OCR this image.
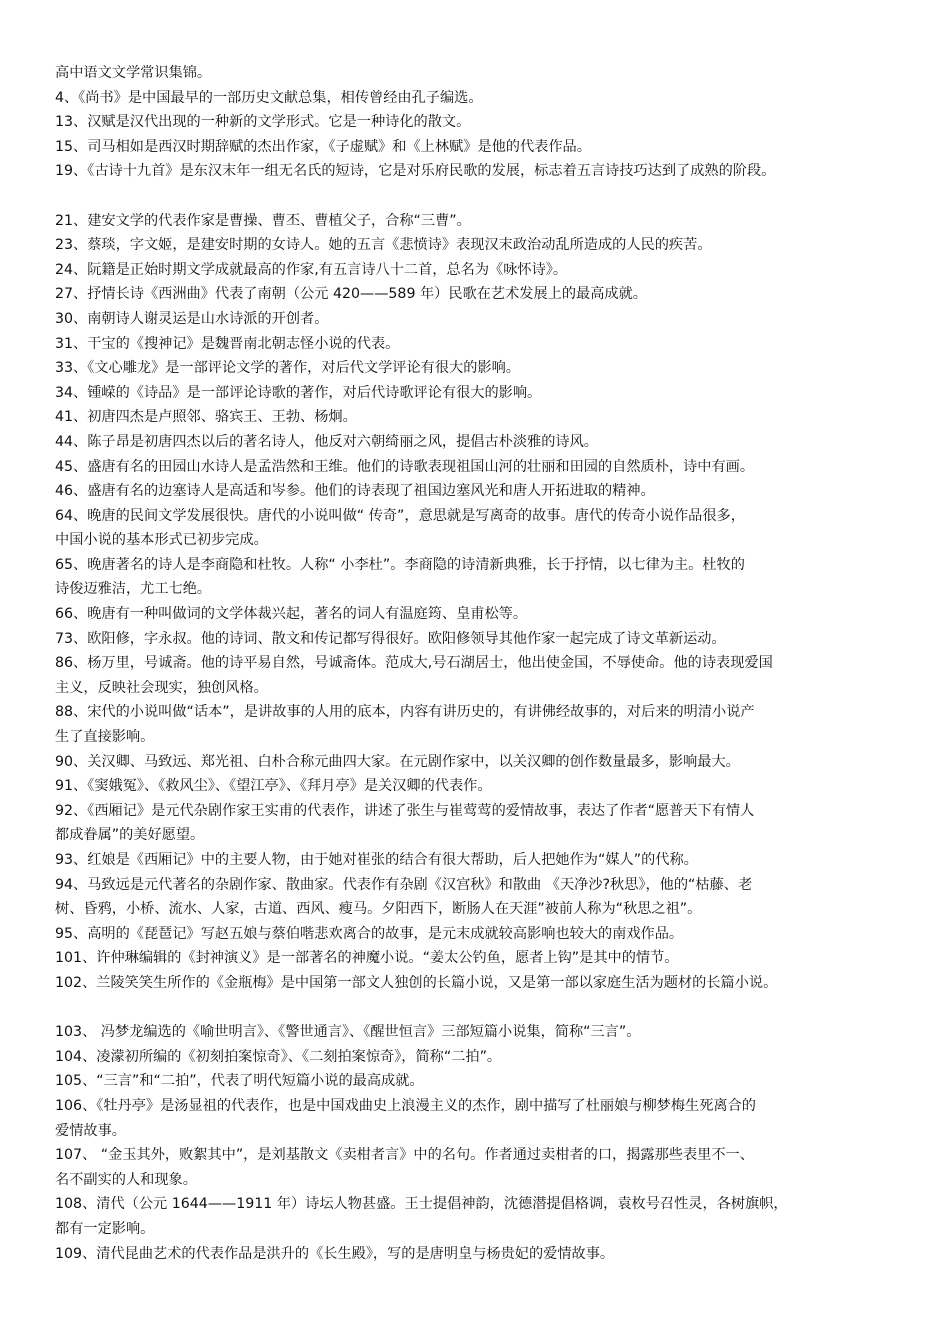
高中语文文学常识集锦。
4、《尚书》是中国最早的一部历史文献总集，相传曾经由孔子编选。
13、汉赋是汉代出现的一种新的文学形式。它是一种诗化的散文。
15、司马相如是西汉时期辞赋的杰出作家，《子虚赋》和《上林赋》是他的代表作品。
19、《古诗十九首》是东汉末年一组无名氏的短诗，它是对乐府民歌的发展，标志着五言诗技巧达到了成熟的阶段。
21、建安文学的代表作家是曹操、曹丕、曹植父子，合称“三曹”。
23、蔡琰，字文姬，是建安时期的女诗人。她的五言《悲愤诗》表现汉末政治动乱所造成的人民的疾苦。
24、阮籍是正始时期文学成就最高的作家,有五言诗八十二首，总名为《咏怀诗》。
27、抒情长诗《西洲曲》代表了南朝（公元 420——589 年）民歌在艺术发展上的最高成就。
30、南朝诗人谢灵运是山水诗派的开创者。
31、干宝的《搜神记》是魏晋南北朝志怪小说的代表。
33、《文心雕龙》是一部评论文学的著作，对后代文学评论有很大的影响。
34、锺嵘的《诗品》是一部评论诗歌的著作，对后代诗歌评论有很大的影响。
41、初唐四杰是卢照邻、骆宾王、王勃、杨炯。
44、陈子昂是初唐四杰以后的著名诗人，他反对六朝绮丽之风，提倡古朴淡雅的诗风。
45、盛唐有名的田园山水诗人是孟浩然和王维。他们的诗歌表现祖国山河的壮丽和田园的自然质朴，诗中有画。
46、盛唐有名的边塞诗人是高适和岑参。他们的诗表现了祖国边塞风光和唐人开拓进取的精神。
64、晚唐的民间文学发展很快。唐代的小说叫做“ 传奇”，意思就是写离奇的故事。唐代的传奇小说作品很多，
中国小说的基本形式已初步完成。
65、晚唐著名的诗人是李商隐和杜牧。人称“ 小李杜”。李商隐的诗清新典雅，长于抒情，以七律为主。杜牧的
诗俊迈雅洁，尤工七绝。
66、晚唐有一种叫做词的文学体裁兴起，著名的词人有温庭筠、皇甫松等。
73、欧阳修，字永叔。他的诗词、散文和传记都写得很好。欧阳修领导其他作家一起完成了诗文革新运动。
86、杨万里，号诚斋。他的诗平易自然，号诚斋体。范成大,号石湖居士，他出使金国，不辱使命。他的诗表现爱国
主义，反映社会现实，独创风格。
88、宋代的小说叫做“话本”，是讲故事的人用的底本，内容有讲历史的，有讲佛经故事的，对后来的明清小说产
生了直接影响。
90、关汉卿、马致远、郑光祖、白朴合称元曲四大家。在元剧作家中，以关汉卿的创作数量最多，影响最大。
91、《窦娥冤》、《救风尘》、《望江亭》、《拜月亭》是关汉卿的代表作。
92、《西厢记》是元代杂剧作家王实甫的代表作，讲述了张生与崔莺莺的爱情故事，表达了作者“愿普天下有情人
都成眷属”的美好愿望。
93、红娘是《西厢记》中的主要人物，由于她对崔张的结合有很大帮助，后人把她作为“媒人”的代称。
94、马致远是元代著名的杂剧作家、散曲家。代表作有杂剧《汉宫秋》和散曲 《天净沙?秋思》，他的“枯藤、老
树、昏鸦，小桥、流水、人家，古道、西风、瘦马。夕阳西下，断肠人在天涯”被前人称为“秋思之祖”。
95、高明的《琵琶记》写赵五娘与蔡伯喈悲欢离合的故事，是元末成就较高影响也较大的南戏作品。
101、许仲琳编辑的《封神演义》是一部著名的神魔小说。“姜太公钓鱼，愿者上钩”是其中的情节。
102、兰陵笑笑生所作的《金瓶梅》是中国第一部文人独创的长篇小说，又是第一部以家庭生活为题材的长篇小说。
103、 冯梦龙编选的《喻世明言》、《警世通言》、《醒世恒言》三部短篇小说集，简称“三言”。
104、凌濛初所编的《初刻拍案惊奇》、《二刻拍案惊奇》，简称“二拍”。
105、“三言”和“二拍”，代表了明代短篇小说的最高成就。
106、《牡丹亭》是汤显祖的代表作，也是中国戏曲史上浪漫主义的杰作，剧中描写了杜丽娘与柳梦梅生死离合的
爱情故事。
107、 “金玉其外，败絮其中”，是刘基散文《卖柑者言》中的名句。作者通过卖柑者的口，揭露那些表里不一、
名不副实的人和现象。
108、清代（公元 1644——1911 年）诗坛人物甚盛。王士提倡神韵，沈德潜提倡格调，袁枚号召性灵，各树旗帜，
都有一定影响。
109、清代昆曲艺术的代表作品是洪升的《长生殿》，写的是唐明皇与杨贵妃的爱情故事。
